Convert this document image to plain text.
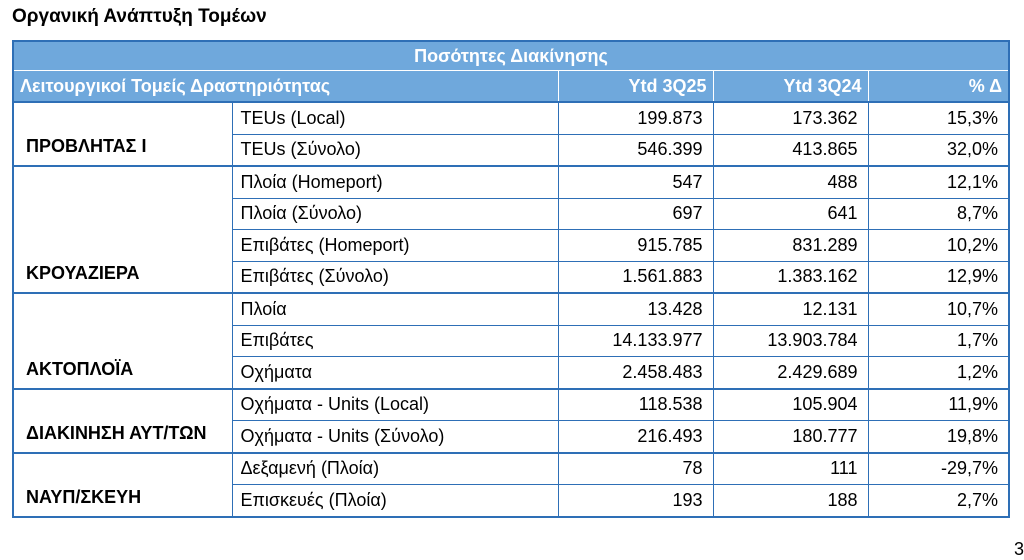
Οργανική Ανάπτυξη Τομέων
Ποσότητες Διακίνησης				
Λειτουργικοί Τομείς Δραστηριότητας		Ytd 3Q25	Ytd 3Q24	% Δ
ΠΡΟΒΛΗΤΑΣ Ι	TEUs (Local)	199.873	173.362	15,3%
	TEUs (Σύνολο)	546.399	413.865	32,0%
ΚΡΟΥΑΖΙΕΡΑ	Πλοία (Homeport)	547	488	12,1%
	Πλοία (Σύνολο)	697	641	8,7%
	Επιβάτες (Homeport)	915.785	831.289	10,2%
	Επιβάτες (Σύνολο)	1.561.883	1.383.162	12,9%
ΑΚΤΟΠΛΟΪΑ	Πλοία	13.428	12.131	10,7%
	Επιβάτες	14.133.977	13.903.784	1,7%
	Οχήματα	2.458.483	2.429.689	1,2%
ΔΙΑΚΙΝΗΣΗ ΑΥΤ/ΤΩΝ	Οχήματα - Units (Local)	118.538	105.904	11,9%
	Οχήματα - Units (Σύνολο)	216.493	180.777	19,8%
ΝΑΥΠ/ΣΚΕΥΗ	Δεξαμενή (Πλοία)	78	111	-29,7%
	Επισκευές (Πλοία)	193	188	2,7%
3
